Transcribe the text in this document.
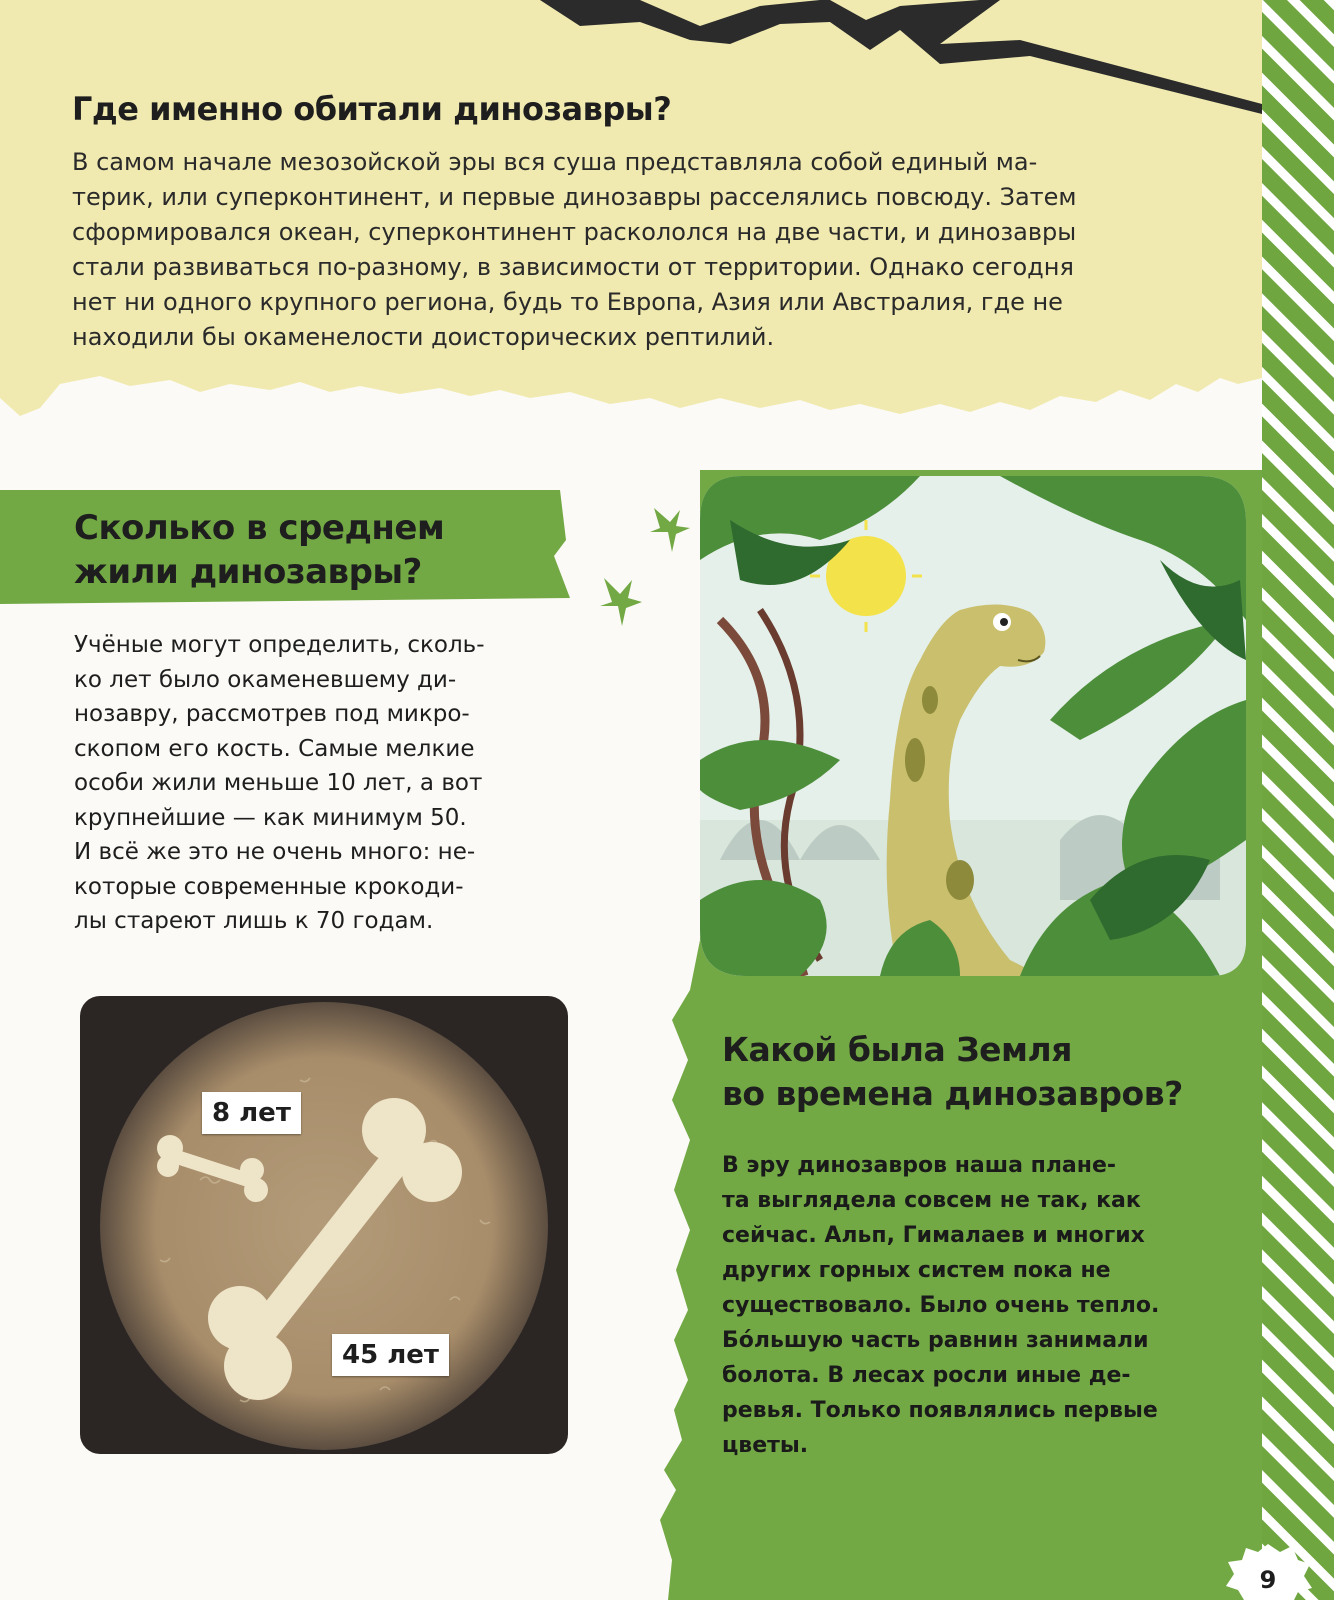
Где именно обитали динозавры?
В самом начале мезозойской эры вся суша представляла собой единый ма-
терик, или суперконтинент, и первые динозавры расселялись повсюду. Затем
сформировался океан, суперконтинент раскололся на две части, и динозавры
стали развиваться по-разному, в зависимости от территории. Однако сегодня
нет ни одного крупного региона, будь то Европа, Азия или Австралия, где не
находили бы окаменелости доисторических рептилий.
Сколько в среднем
жили динозавры?
Учёные могут определить, сколь-
ко лет было окаменевшему ди-
нозавру, рассмотрев под микро-
скопом его кость. Самые мелкие
особи жили меньше 10 лет, а вот
крупнейшие — как минимум 50.
И всё же это не очень много: не-
которые современные крокоди-
лы стареют лишь к 70 годам.
8 лет
45 лет
Какой была Земля
во времена динозавров?
В эру динозавров наша плане-
та выглядела совсем не так, как
сейчас. Альп, Гималаев и многих
других горных систем пока не
существовало. Было очень тепло.
Бо́льшую часть равнин занимали
болота. В лесах росли иные де-
ревья. Только появлялись первые
цветы.
9
